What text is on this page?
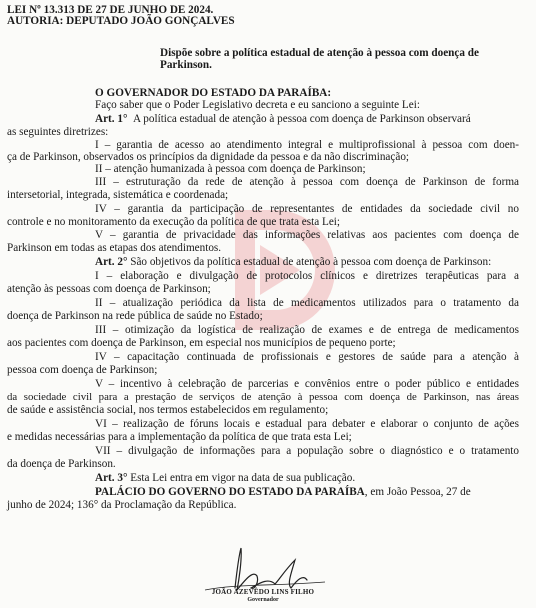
LEI Nº 13.313 DE 27 DE JUNHO DE 2024.
AUTORIA: DEPUTADO JOÃO GONÇALVES
Dispõe sobre a política estadual de atenção à pessoa com doença de
Parkinson.
O GOVERNADOR DO ESTADO DA PARAÍBA:
Faço saber que o Poder Legislativo decreta e eu sanciono a seguinte Lei:
Art. 1° A política estadual de atenção à pessoa com doença de Parkinson observará
as seguintes diretrizes:
I – garantia de acesso ao atendimento integral e multiprofissional à pessoa com doen-
ça de Parkinson, observados os princípios da dignidade da pessoa e da não discriminação;
II – atenção humanizada à pessoa com doença de Parkinson;
III – estruturação da rede de atenção à pessoa com doença de Parkinson de forma
intersetorial, integrada, sistemática e coordenada;
IV – garantia da participação de representantes de entidades da sociedade civil no
controle e no monitoramento da execução da política de que trata esta Lei;
V – garantia de privacidade das informações relativas aos pacientes com doença de
Parkinson em todas as etapas dos atendimentos.
Art. 2° São objetivos da política estadual de atenção à pessoa com doença de Parkinson:
I – elaboração e divulgação de protocolos clínicos e diretrizes terapêuticas para a
atenção às pessoas com doença de Parkinson;
II – atualização periódica da lista de medicamentos utilizados para o tratamento da
doença de Parkinson na rede pública de saúde no Estado;
III – otimização da logística de realização de exames e de entrega de medicamentos
aos pacientes com doença de Parkinson, em especial nos municípios de pequeno porte;
IV – capacitação continuada de profissionais e gestores de saúde para a atenção à
pessoa com doença de Parkinson;
V – incentivo à celebração de parcerias e convênios entre o poder público e entidades
da sociedade civil para a prestação de serviços de atenção à pessoa com doença de Parkinson, nas áreas
de saúde e assistência social, nos termos estabelecidos em regulamento;
VI – realização de fóruns locais e estadual para debater e elaborar o conjunto de ações
e medidas necessárias para a implementação da política de que trata esta Lei;
VII – divulgação de informações para a população sobre o diagnóstico e o tratamento
da doença de Parkinson.
Art. 3° Esta Lei entra em vigor na data de sua publicação.
PALÁCIO DO GOVERNO DO ESTADO DA PARAÍBA, em João Pessoa, 27 de
junho de 2024; 136° da Proclamação da República.
JOÃO AZEVÊDO LINS FILHO
Governador
